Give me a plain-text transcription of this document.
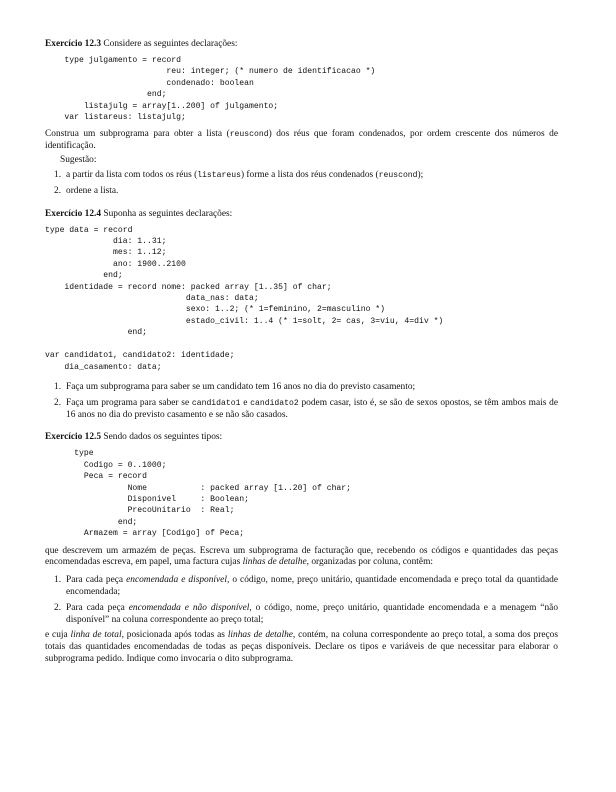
Exercício 12.3 Considere as seguintes declarações:
type julgamento = record
reu: integer; (* numero de identificacao *)
condenado: boolean
end;
listajulg = array[1..200] of julgamento;
var listareus: listajulg;

Construa um subprograma para obter a lista (reuscond) dos réus que foram condenados, por ordem crescente dos números de identificação.

Sugestão:
1. a partir da lista com todos os réus (listareus) forme a lista dos réus condenados (reuscond);
2. ordene a lista.
Exercício 12.4 Suponha as seguintes declarações:
type data = record
dia: 1..31;
mes: 1..12;
ano: 1900..2100
end;
identidade = record nome: packed array [1..35] of char;
data_nas: data;
sexo: 1..2; (* 1=feminino, 2=masculino *)
estado_civil: 1..4 (* 1=solt, 2= cas, 3=viu, 4=div *)
end;

var candidato1, candidato2: identidade;
dia_casamento: data;
1. Faça um subprograma para saber se um candidato tem 16 anos no dia do previsto casamento;
2. Faça um programa para saber se candidato1 e candidato2 podem casar, isto é, se são de sexos opostos, se têm ambos mais de 16 anos no dia do previsto casamento e se não são casados.
Exercício 12.5 Sendo dados os seguintes tipos:
type
Codigo = 0..1000;
Peca = record
Nome           : packed array [1..20] of char;
Disponivel     : Boolean;
PrecoUnitario  : Real;
end;
Armazem = array [Codigo] of Peca;

que descrevem um armazém de peças. Escreva um subprograma de facturação que, recebendo os códigos e quantidades das peças encomendadas escreva, em papel, uma factura cujas linhas de detalhe, organizadas por coluna, contêm:

1. Para cada peça encomendada e disponível, o código, nome, preço unitário, quantidade encomendada e preço total da quantidade encomendada;
2. Para cada peça encomendada e não disponível, o código, nome, preço unitário, quantidade encomendada e a menagem “não disponível” na coluna correspondente ao preço total;

e cuja linha de total, posicionada após todas as linhas de detalhe, contém, na coluna correspondente ao preço total, a soma dos preços totais das quantidades encomendadas de todas as peças disponíveis. Declare os tipos e variáveis de que necessitar para elaborar o subprograma pedido. Indique como invocaria o dito subprograma.
